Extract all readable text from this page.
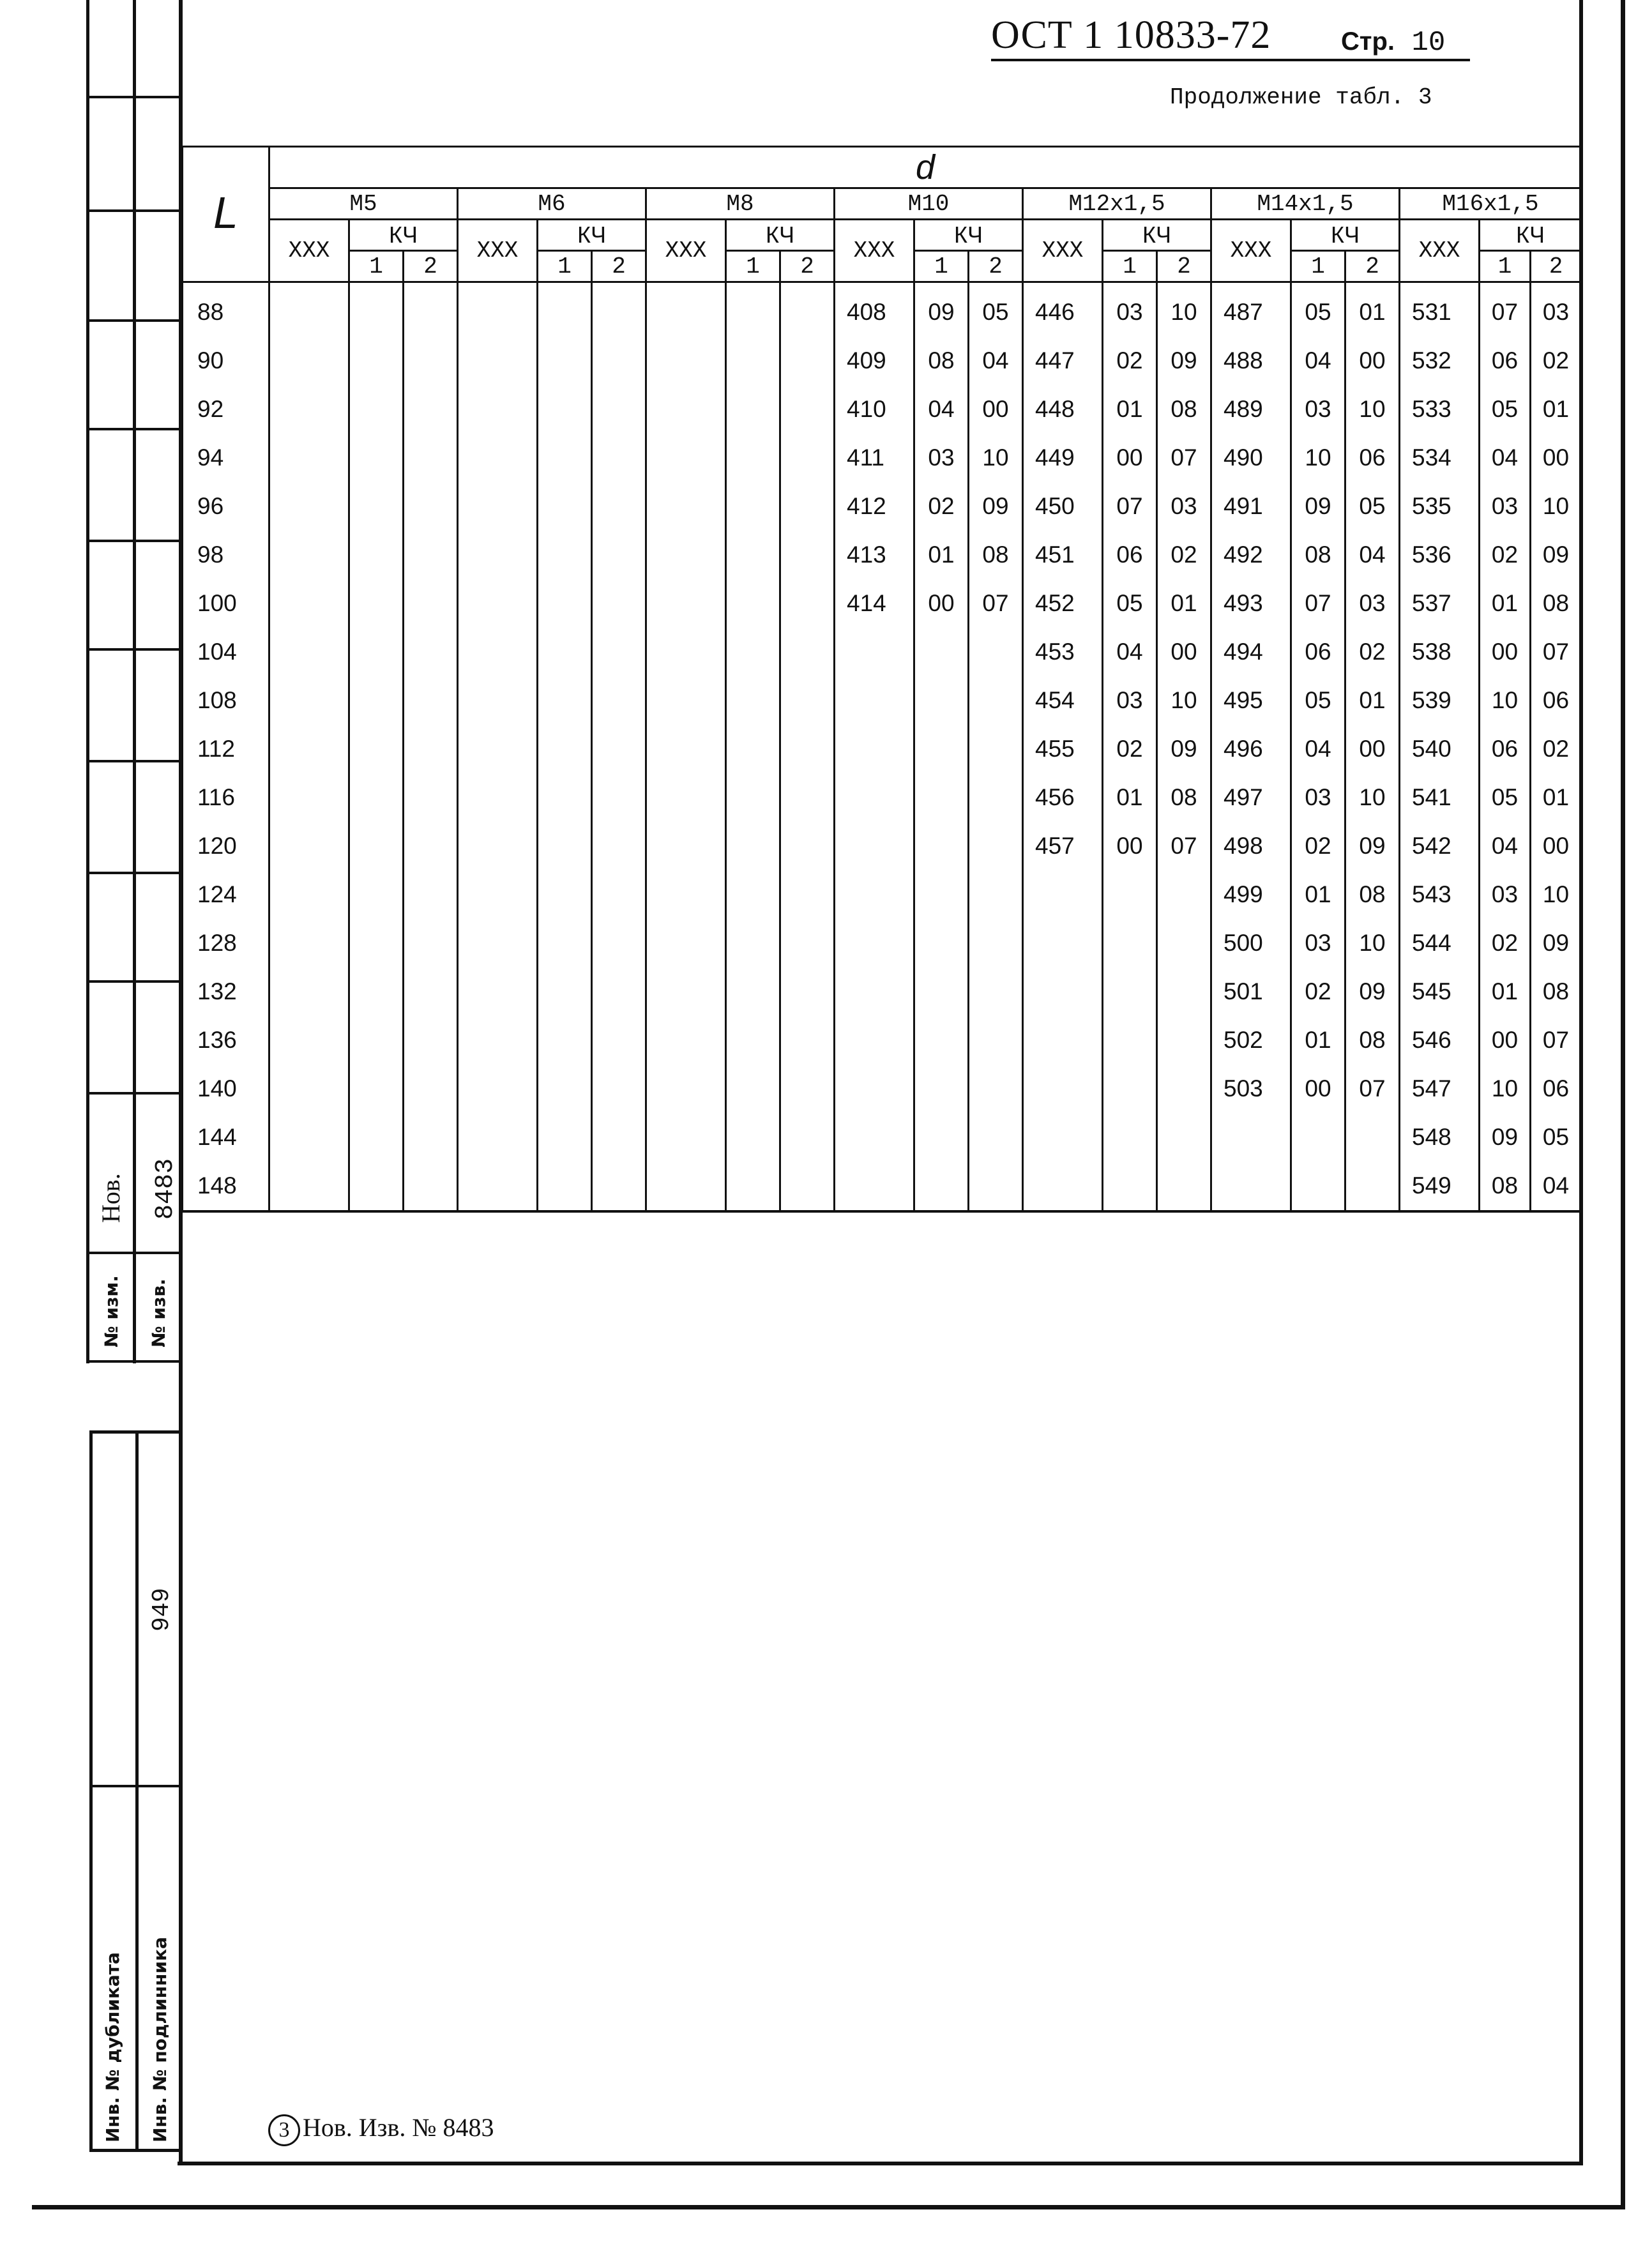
Нов. 8483
№ изм. № изв.
949
Инв. № дубликата Инв. № подлинника
ОСТ 1 10833-72	Стр. 10
Продолжение табл. 3
L	d																				
	M5			M6			M8			M10			M12x1,5			M14x1,5			M16x1,5		
	ХХХ	КЧ		ХХХ	КЧ		ХХХ	КЧ		ХХХ	КЧ		ХХХ	КЧ		ХХХ	КЧ		ХХХ	КЧ	
		1	2		1	2		1	2		1	2		1	2		1	2		1	2
88										408	09	05	446	03	10	487	05	01	531	07	03
90										409	08	04	447	02	09	488	04	00	532	06	02
92										410	04	00	448	01	08	489	03	10	533	05	01
94										411	03	10	449	00	07	490	10	06	534	04	00
96										412	02	09	450	07	03	491	09	05	535	03	10
98										413	01	08	451	06	02	492	08	04	536	02	09
100										414	00	07	452	05	01	493	07	03	537	01	08
104													453	04	00	494	06	02	538	00	07
108													454	03	10	495	05	01	539	10	06
112													455	02	09	496	04	00	540	06	02
116													456	01	08	497	03	10	541	05	01
120													457	00	07	498	02	09	542	04	00
124																499	01	08	543	03	10
128																500	03	10	544	02	09
132																501	02	09	545	01	08
136																502	01	08	546	00	07
140																503	00	07	547	10	06
144																			548	09	05
148																			549	08	04
3 Нов. Изв. № 8483
